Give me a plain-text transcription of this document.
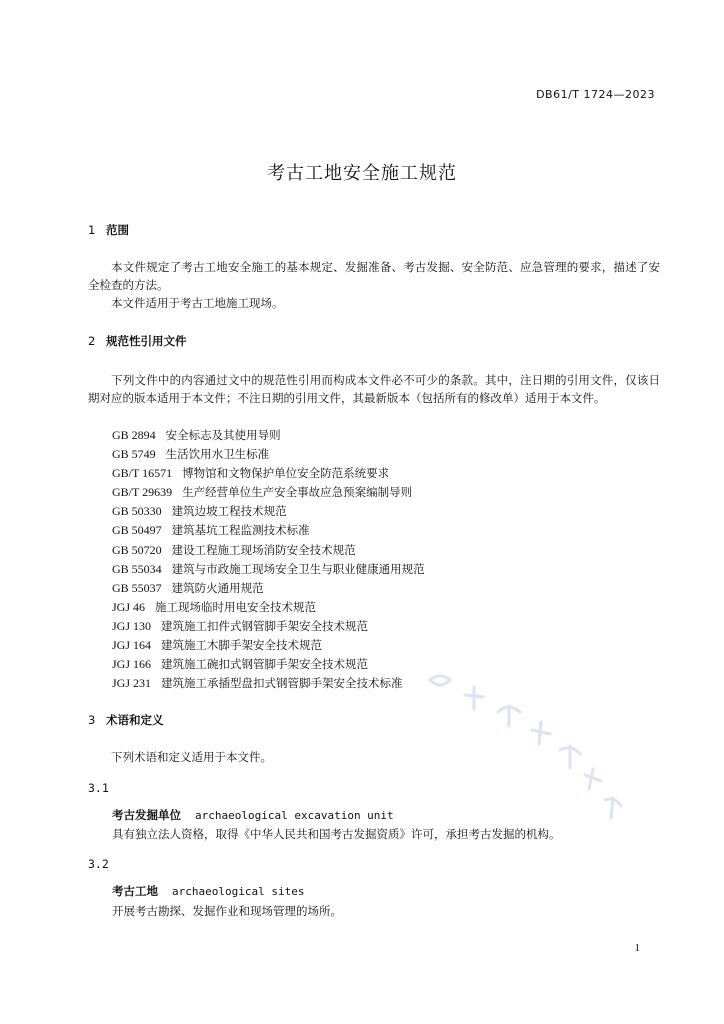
DB61/T 1724—2023
考古工地安全施工规范
1 范围
本文件规定了考古工地安全施工的基本规定、发掘准备、考古发掘、安全防范、应急管理的要求，描述了安全检查的方法。
本文件适用于考古工地施工现场。
2 规范性引用文件
下列文件中的内容通过文中的规范性引用而构成本文件必不可少的条款。其中，注日期的引用文件，仅该日期对应的版本适用于本文件；不注日期的引用文件，其最新版本（包括所有的修改单）适用于本文件。
GB 2894 安全标志及其使用导则
GB 5749 生活饮用水卫生标准
GB/T 16571 博物馆和文物保护单位安全防范系统要求
GB/T 29639 生产经营单位生产安全事故应急预案编制导则
GB 50330 建筑边坡工程技术规范
GB 50497 建筑基坑工程监测技术标准
GB 50720 建设工程施工现场消防安全技术规范
GB 55034 建筑与市政施工现场安全卫生与职业健康通用规范
GB 55037 建筑防火通用规范
JGJ 46 施工现场临时用电安全技术规范
JGJ 130 建筑施工扣件式钢管脚手架安全技术规范
JGJ 164 建筑施工木脚手架安全技术规范
JGJ 166 建筑施工碗扣式钢管脚手架安全技术规范
JGJ 231 建筑施工承插型盘扣式钢管脚手架安全技术标准
3 术语和定义
下列术语和定义适用于本文件。
3.1
考古发掘单位 archaeological excavation unit
具有独立法人资格，取得《中华人民共和国考古发掘资质》许可，承担考古发掘的机构。
3.2
考古工地 archaeological sites
开展考古勘探、发掘作业和现场管理的场所。
1
